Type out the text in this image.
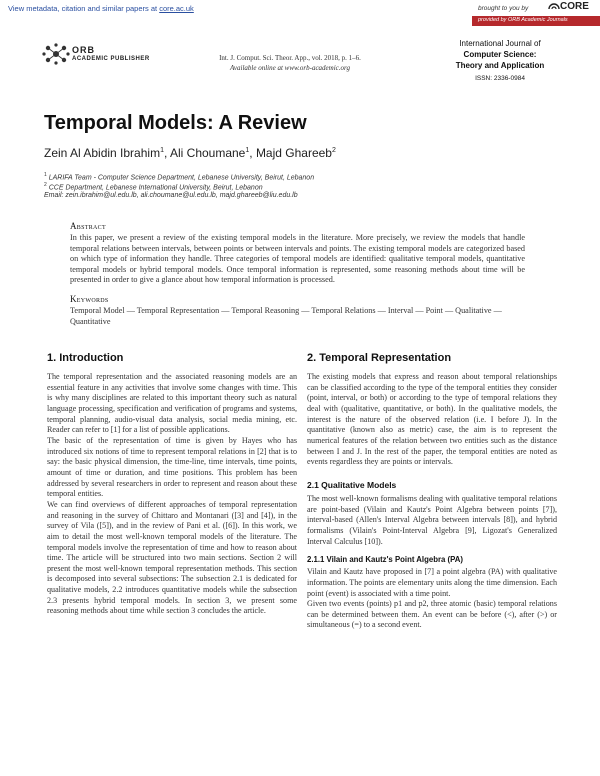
View metadata, citation and similar papers at core.ac.uk	brought to you by	CORE
provided by ORB Academic Journals
ORB
ACADEMIC PUBLISHER	Int. J. Comput. Sci. Theor. App., vol. 2018, p. 1–6.
Available online at www.orb-academic.org
International Journal of
Computer Science:
Theory and Application
ISSN: 2336-0984
Temporal Models: A Review
Zein Al Abidin Ibrahim$^1$, Ali Choumane$^1$, Majd Ghareeb$^2$
$^1$ LARIFA Team - Computer Science Department, Lebanese University, Beirut, Lebanon
$^2$ CCE Department, Lebanese International University, Beirut, Lebanon
Email: zein.ibrahim@ul.edu.lb, ali.choumane@ul.edu.lb, majd.ghareeb@liu.edu.lb
Abstract

In this paper, we present a review of the existing temporal models in the literature. More precisely, we review the models that handle temporal relations between intervals, between points or between intervals and points. The existing temporal models are categorized based on which type of information they handle. Three categories of temporal models are identified: qualitative temporal models, quantitative temporal models or hybrid temporal models. Once temporal information is represented, some reasoning methods about time will be presented in order to give a glance about how temporal information is processed.

Keywords

Temporal Model — Temporal Representation — Temporal Reasoning — Temporal Relations — Interval — Point — Qualitative — Quantitative

1. Introduction

The temporal representation and the associated reasoning models are an essential feature in any activities that involve some changes with time. This is why many disciplines are related to this important theory such as natural language processing, specification and verification of programs and systems, temporal planning, audio-visual data analysis, social media mining, etc. Reader can refer to [1] for a list of possible applications.

The basic of the representation of time is given by Hayes who has introduced six notions of time to represent temporal relations in [2] that is to say: the basic physical dimension, the time-line, time intervals, time points, amount of time or duration, and time positions. This problem has been addressed by several researchers in order to represent and reason about these temporal entities.

We can find overviews of different approaches of temporal representation and reasoning in the survey of Chittaro and Montanari ([3] and [4]), in the survey of Vila ([5]), and in the review of Pani et al. ([6]). In this work, we aim to detail the most well-known temporal models of the literature. The temporal models involve the representation of time and how to reason about time. The article will be structured into two main sections. Section 2 will present the most well-known temporal representation methods. This section is decomposed into several subsections: The subsection 2.1 is dedicated for qualitative models, 2.2 introduces quantitative models while the subsection 2.3 presents hybrid temporal models. In section 3, we present some reasoning methods about time while section 3 concludes the article.

2. Temporal Representation

The existing models that express and reason about temporal relationships can be classified according to the type of the temporal entities they consider (point, interval, or both) or according to the type of temporal relations they deal with (qualitative, quantitative, or both). In the qualitative models, the interest is the nature of the observed relation (i.e. I before J). In the quantitative (known also as metric) case, the aim is to represent the numerical features of the relation between two entities such as the distance between I and J. In the rest of the paper, the temporal entities are noted as events regardless they are points or intervals.

2.1 Qualitative Models

The most well-known formalisms dealing with qualitative temporal relations are point-based (Vilain and Kautz's Point Algebra between points [7]), interval-based (Allen's Interval Algebra between intervals [8]), and hybrid formalisms (Vilain's Point-Interval Algebra [9], Ligozat's Generalized Interval Calculus [10]).

2.1.1 Vilain and Kautz's Point Algebra (PA)

Vilain and Kautz have proposed in [7] a point algebra (PA) with qualitative information. The points are elementary units along the time dimension. Each point (event) is associated with a time point.

Given two events (points) p1 and p2, three atomic (basic) temporal relations can be determined between them. An event can be before (<), after (>) or simultaneous (=) to a second event.
